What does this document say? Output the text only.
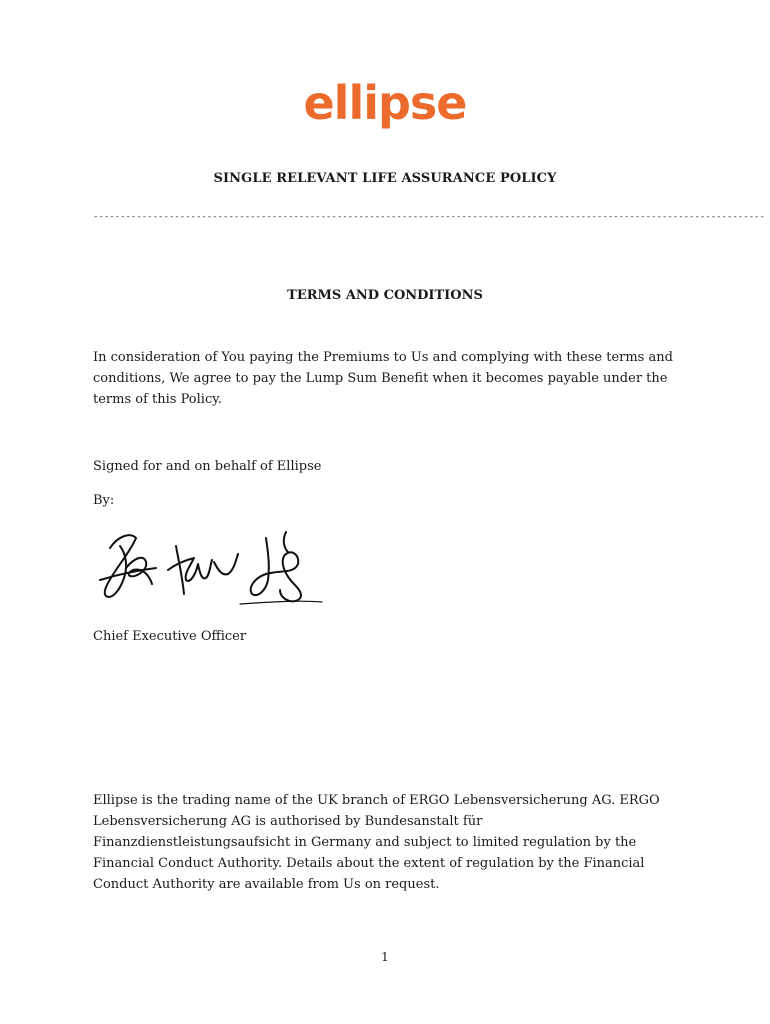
ellipse
SINGLE RELEVANT LIFE ASSURANCE POLICY
----------------------------------------------------------------------------------------------------------------------------
TERMS AND CONDITIONS
In consideration of You paying the Premiums to Us and complying with these terms and conditions, We agree to pay the Lump Sum Benefit when it becomes payable under the terms of this Policy.
Signed for and on behalf of Ellipse
By:
Chief Executive Officer
Ellipse is the trading name of the UK branch of ERGO Lebensversicherung AG. ERGO Lebensversicherung AG is authorised by Bundesanstalt für Finanzdienstleistungsaufsicht in Germany and subject to limited regulation by the Financial Conduct Authority. Details about the extent of regulation by the Financial Conduct Authority are available from Us on request.
1
